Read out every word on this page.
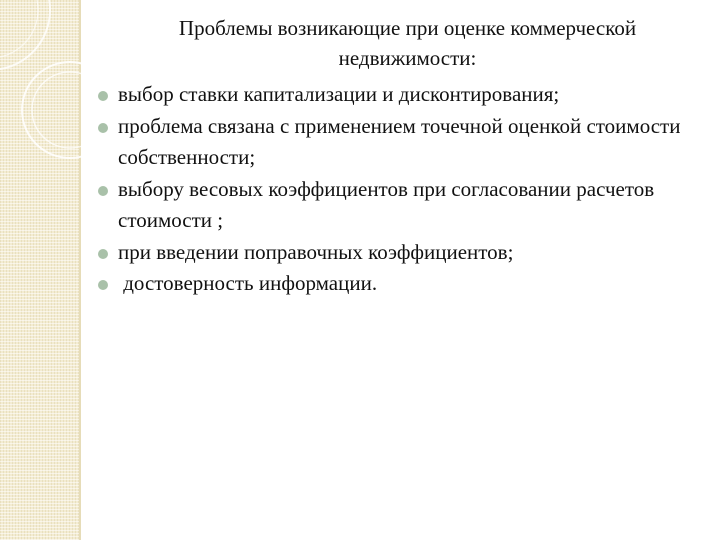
Проблемы возникающие при оценке коммерческой недвижимости:
выбор ставки капитализации и дисконтирования;
проблема связана с применением точечной оценкой стоимости собственности;
выбору весовых коэффициентов при согласовании расчетов стоимости ;
при введении поправочных коэффициентов;
достоверность информации.
